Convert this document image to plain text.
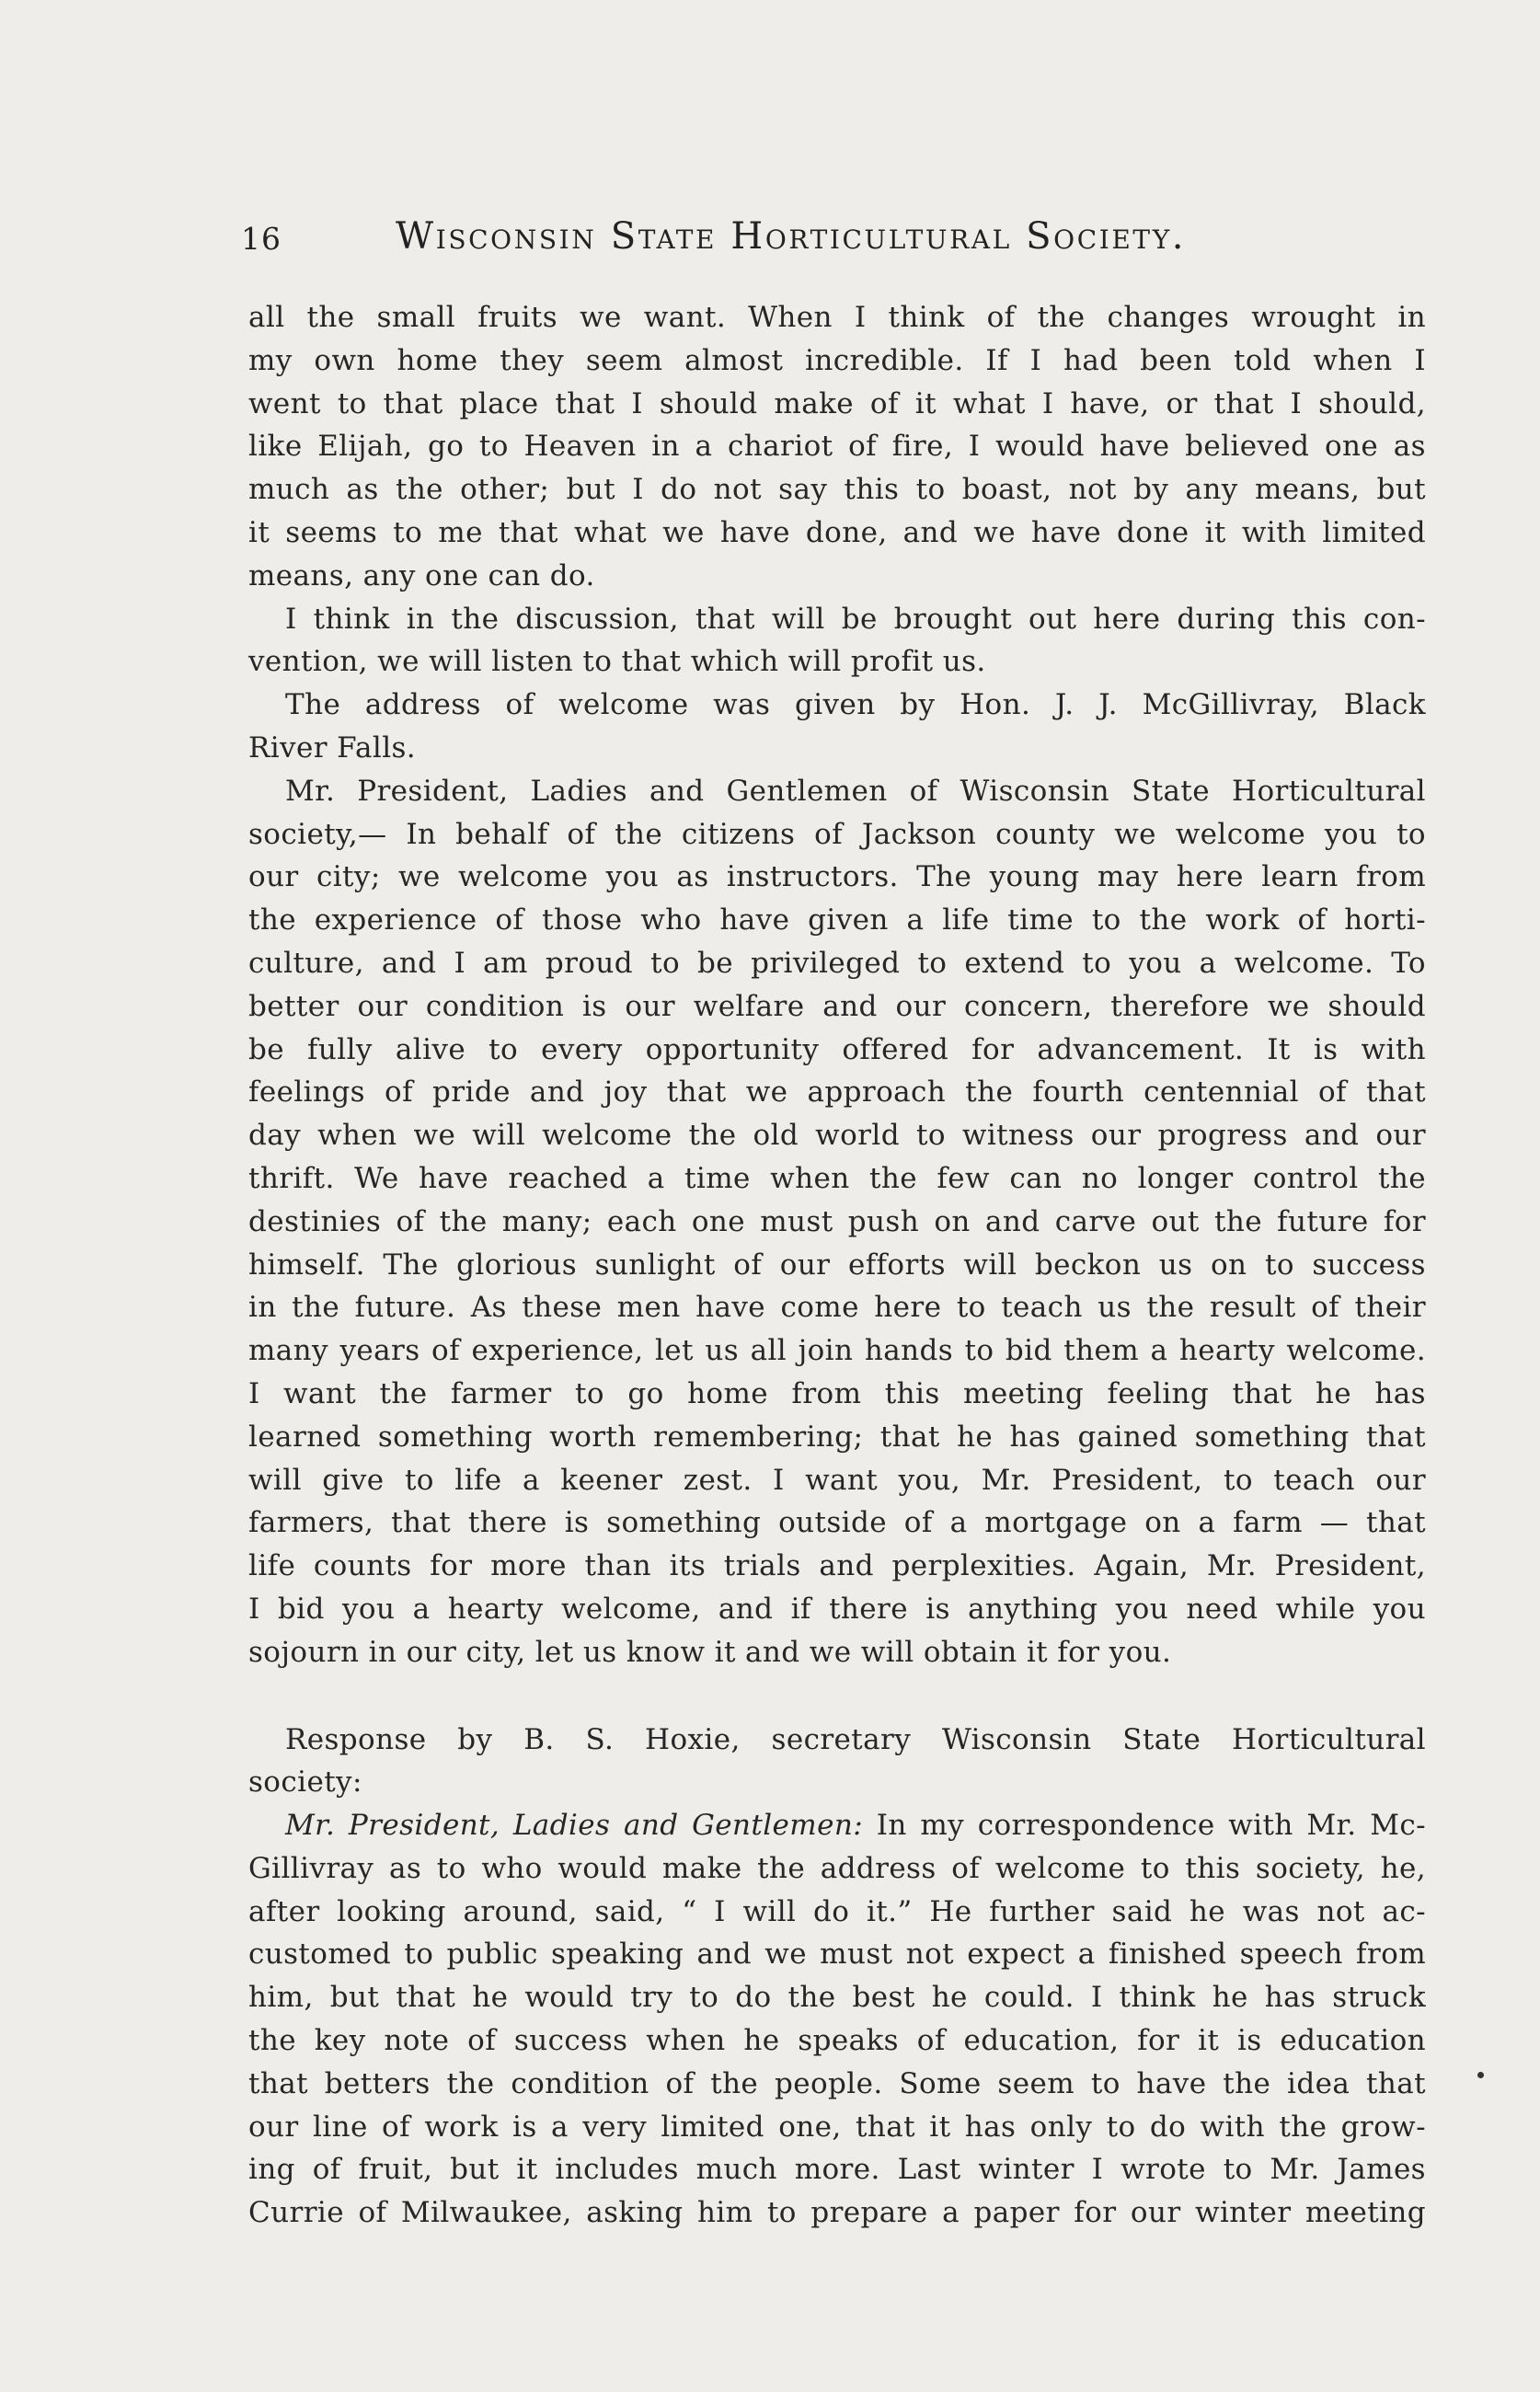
16	Wisconsin State Horticultural Society.
all the small fruits we want. When I think of the changes wrought in
my own home they seem almost incredible. If I had been told when I
went to that place that I should make of it what I have, or that I should,
like Elijah, go to Heaven in a chariot of fire, I would have believed one as
much as the other; but I do not say this to boast, not by any means, but
it seems to me that what we have done, and we have done it with limited
means, any one can do.
I think in the discussion, that will be brought out here during this con-
vention, we will listen to that which will profit us.
The address of welcome was given by Hon. J. J. McGillivray, Black
River Falls.
Mr. President, Ladies and Gentlemen of Wisconsin State Horticultural
society,— In behalf of the citizens of Jackson county we welcome you to
our city; we welcome you as instructors. The young may here learn from
the experience of those who have given a life time to the work of horti-
culture, and I am proud to be privileged to extend to you a welcome. To
better our condition is our welfare and our concern, therefore we should
be fully alive to every opportunity offered for advancement. It is with
feelings of pride and joy that we approach the fourth centennial of that
day when we will welcome the old world to witness our progress and our
thrift. We have reached a time when the few can no longer control the
destinies of the many; each one must push on and carve out the future for
himself. The glorious sunlight of our efforts will beckon us on to success
in the future. As these men have come here to teach us the result of their
many years of experience, let us all join hands to bid them a hearty welcome.
I want the farmer to go home from this meeting feeling that he has
learned something worth remembering; that he has gained something that
will give to life a keener zest. I want you, Mr. President, to teach our
farmers, that there is something outside of a mortgage on a farm — that
life counts for more than its trials and perplexities. Again, Mr. President,
I bid you a hearty welcome, and if there is anything you need while you
sojourn in our city, let us know it and we will obtain it for you.
Response by B. S. Hoxie, secretary Wisconsin State Horticultural
society:
Mr. President, Ladies and Gentlemen: In my correspondence with Mr. Mc-
Gillivray as to who would make the address of welcome to this society, he,
after looking around, said, “ I will do it.” He further said he was not ac-
customed to public speaking and we must not expect a finished speech from
him, but that he would try to do the best he could. I think he has struck
the key note of success when he speaks of education, for it is education
that betters the condition of the people. Some seem to have the idea that
our line of work is a very limited one, that it has only to do with the grow-
ing of fruit, but it includes much more. Last winter I wrote to Mr. James
Currie of Milwaukee, asking him to prepare a paper for our winter meeting
